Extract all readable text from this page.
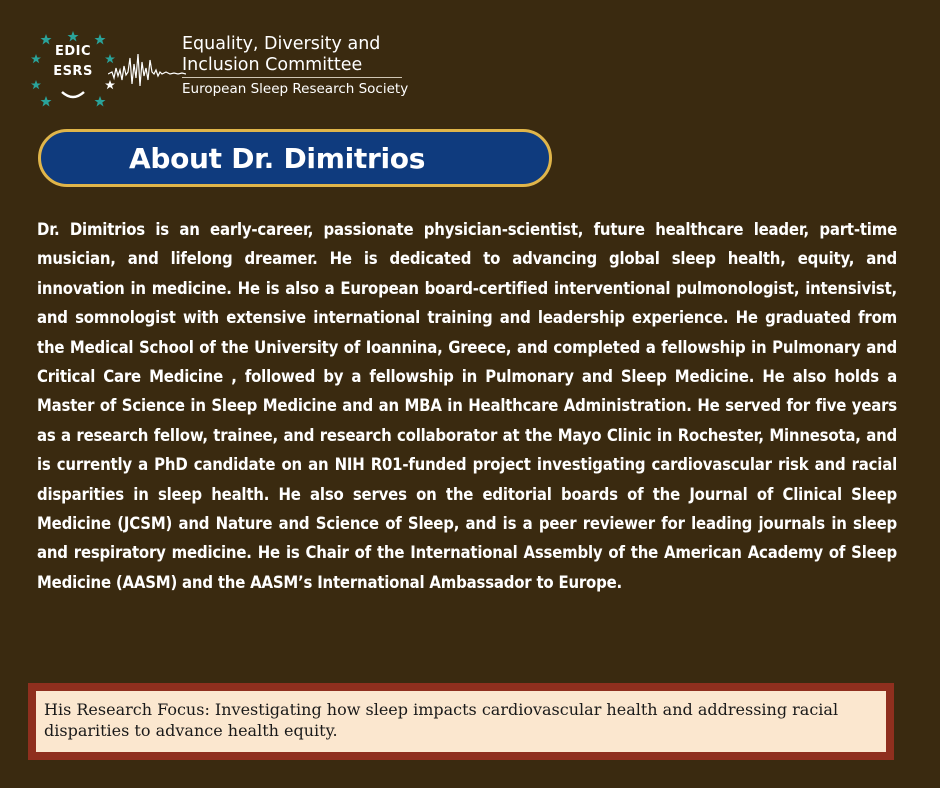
EDIC
ESRS
Equality, Diversity and
Inclusion Committee
European Sleep Research Society
About Dr. Dimitrios
Dr. Dimitrios is an early-career, passionate physician-scientist, future healthcare leader, part-time musician, and lifelong dreamer. He is dedicated to advancing global sleep health, equity, and innovation in medicine. He is also a European board-certified interventional pulmonologist, intensivist, and somnologist with extensive international training and leadership experience. He graduated from the Medical School of the University of Ioannina, Greece, and completed a fellowship in Pulmonary and Critical Care Medicine , followed by a fellowship in Pulmonary and Sleep Medicine. He also holds a Master of Science in Sleep Medicine and an MBA in Healthcare Administration. He served for five years as a research fellow, trainee, and research collaborator at the Mayo Clinic in Rochester, Minnesota, and is currently a PhD candidate on an NIH R01-funded project investigating cardiovascular risk and racial disparities in sleep health. He also serves on the editorial boards of the Journal of Clinical Sleep Medicine (JCSM) and Nature and Science of Sleep, and is a peer reviewer for leading journals in sleep and respiratory medicine. He is Chair of the International Assembly of the American Academy of Sleep Medicine (AASM) and the AASM’s International Ambassador to Europe.
His Research Focus: Investigating how sleep impacts cardiovascular health and addressing racial disparities to advance health equity.
